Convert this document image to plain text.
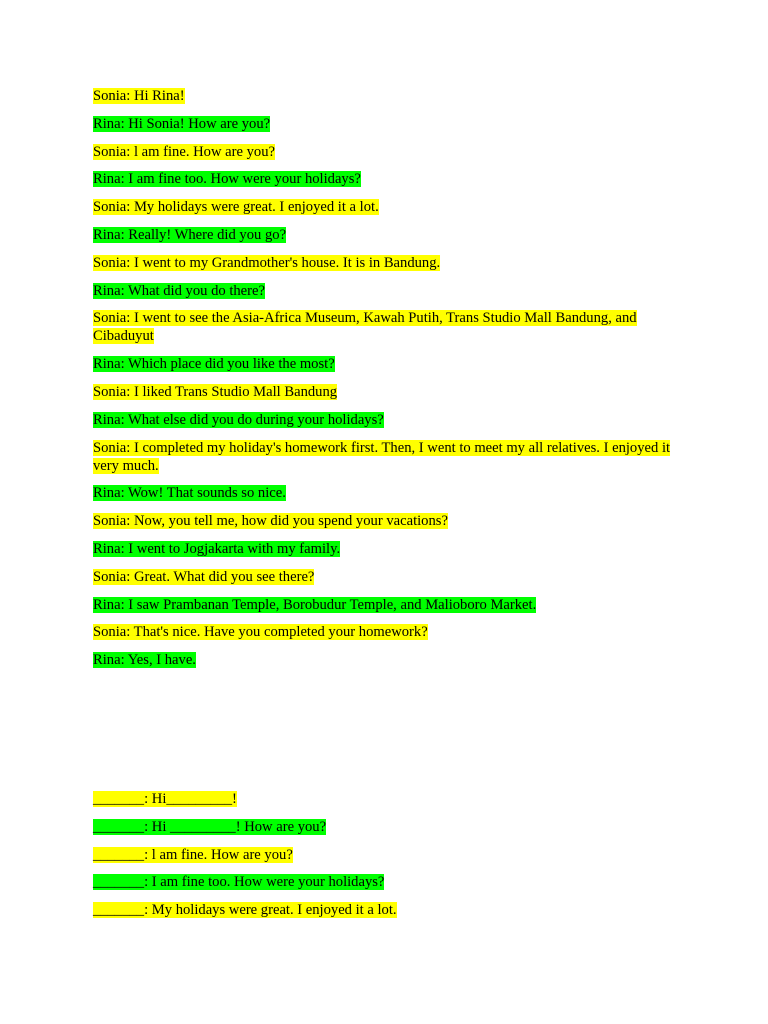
Sonia: Hi Rina!

Rina: Hi Sonia! How are you?

Sonia: l am fine. How are you?

Rina: I am fine too. How were your holidays?

Sonia: My holidays were great. I enjoyed it a lot.

Rina: Really! Where did you go?

Sonia: I went to my Grandmother's house. It is in Bandung.

Rina: What did you do there?

Sonia: I went to see the Asia-Africa Museum, Kawah Putih, Trans Studio Mall Bandung, and Cibaduyut

Rina: Which place did you like the most?

Sonia: I liked Trans Studio Mall Bandung

Rina: What else did you do during your holidays?

Sonia: I completed my holiday's homework first. Then, I went to meet my all relatives. I enjoyed it very much.

Rina: Wow! That sounds so nice.

Sonia: Now, you tell me, how did you spend your vacations?

Rina: I went to Jogjakarta with my family.

Sonia: Great. What did you see there?

Rina: I saw Prambanan Temple, Borobudur Temple, and Malioboro Market.

Sonia: That's nice. Have you completed your homework?

Rina: Yes, I have.

_______: Hi_________!

_______: Hi _________! How are you?

_______: l am fine. How are you?

_______: I am fine too. How were your holidays?

_______: My holidays were great. I enjoyed it a lot.
